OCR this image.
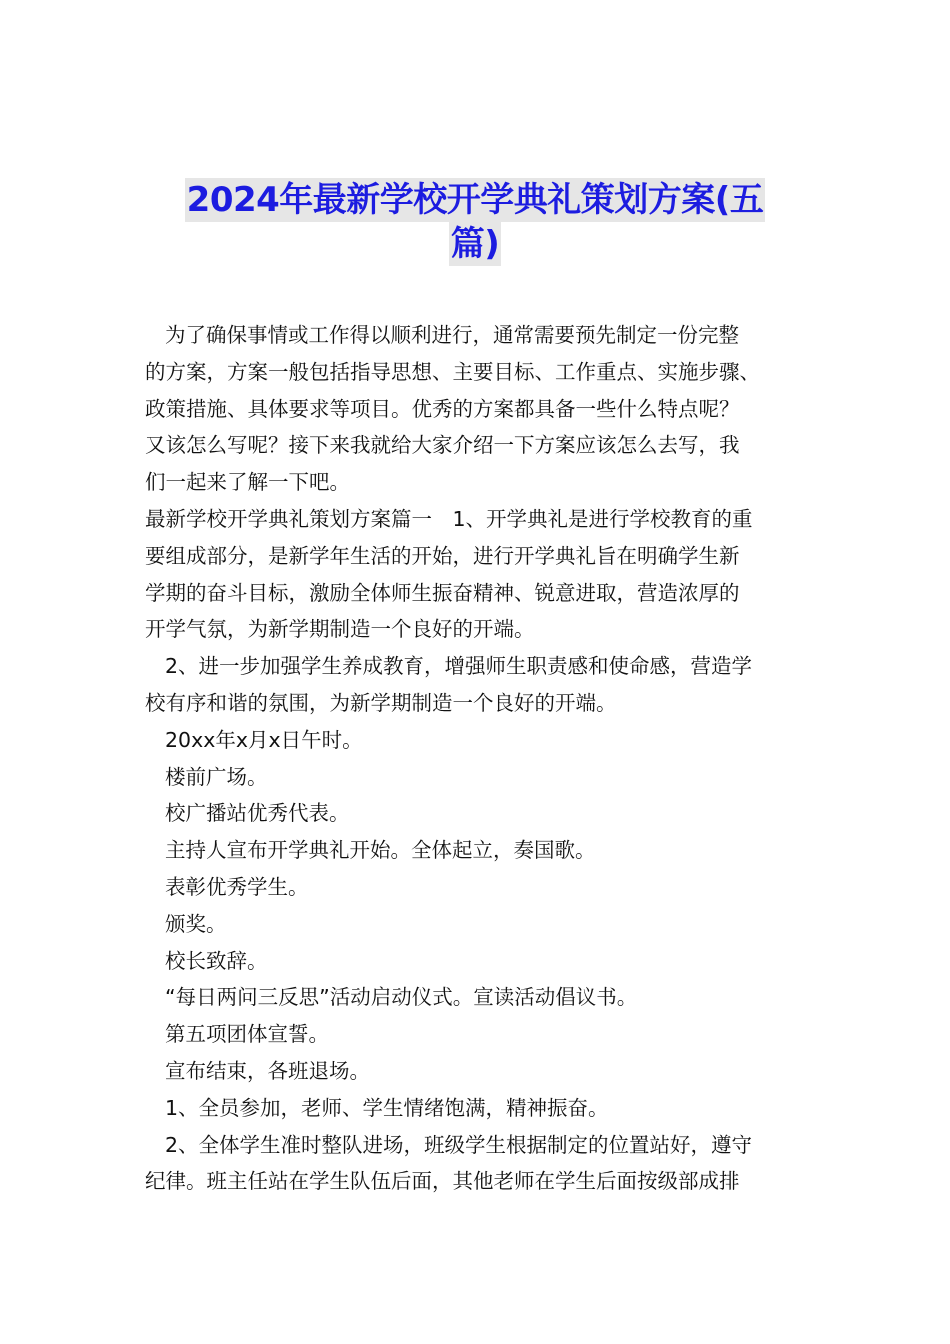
2024年最新学校开学典礼策划方案(五
篇)
为了确保事情或工作得以顺利进行，通常需要预先制定一份完整
的方案，方案一般包括指导思想、主要目标、工作重点、实施步骤、
政策措施、具体要求等项目。优秀的方案都具备一些什么特点呢？
又该怎么写呢？接下来我就给大家介绍一下方案应该怎么去写，我
们一起来了解一下吧。
最新学校开学典礼策划方案篇一　1、开学典礼是进行学校教育的重
要组成部分，是新学年生活的开始，进行开学典礼旨在明确学生新
学期的奋斗目标，激励全体师生振奋精神、锐意进取，营造浓厚的
开学气氛，为新学期制造一个良好的开端。
2、进一步加强学生养成教育，增强师生职责感和使命感，营造学
校有序和谐的氛围，为新学期制造一个良好的开端。
20xx年x月x日午时。
楼前广场。
校广播站优秀代表。
主持人宣布开学典礼开始。全体起立，奏国歌。
表彰优秀学生。
颁奖。
校长致辞。
“每日两问三反思”活动启动仪式。宣读活动倡议书。
第五项团体宣誓。
宣布结束，各班退场。
1、全员参加，老师、学生情绪饱满，精神振奋。
2、全体学生准时整队进场，班级学生根据制定的位置站好，遵守
纪律。班主任站在学生队伍后面，其他老师在学生后面按级部成排
